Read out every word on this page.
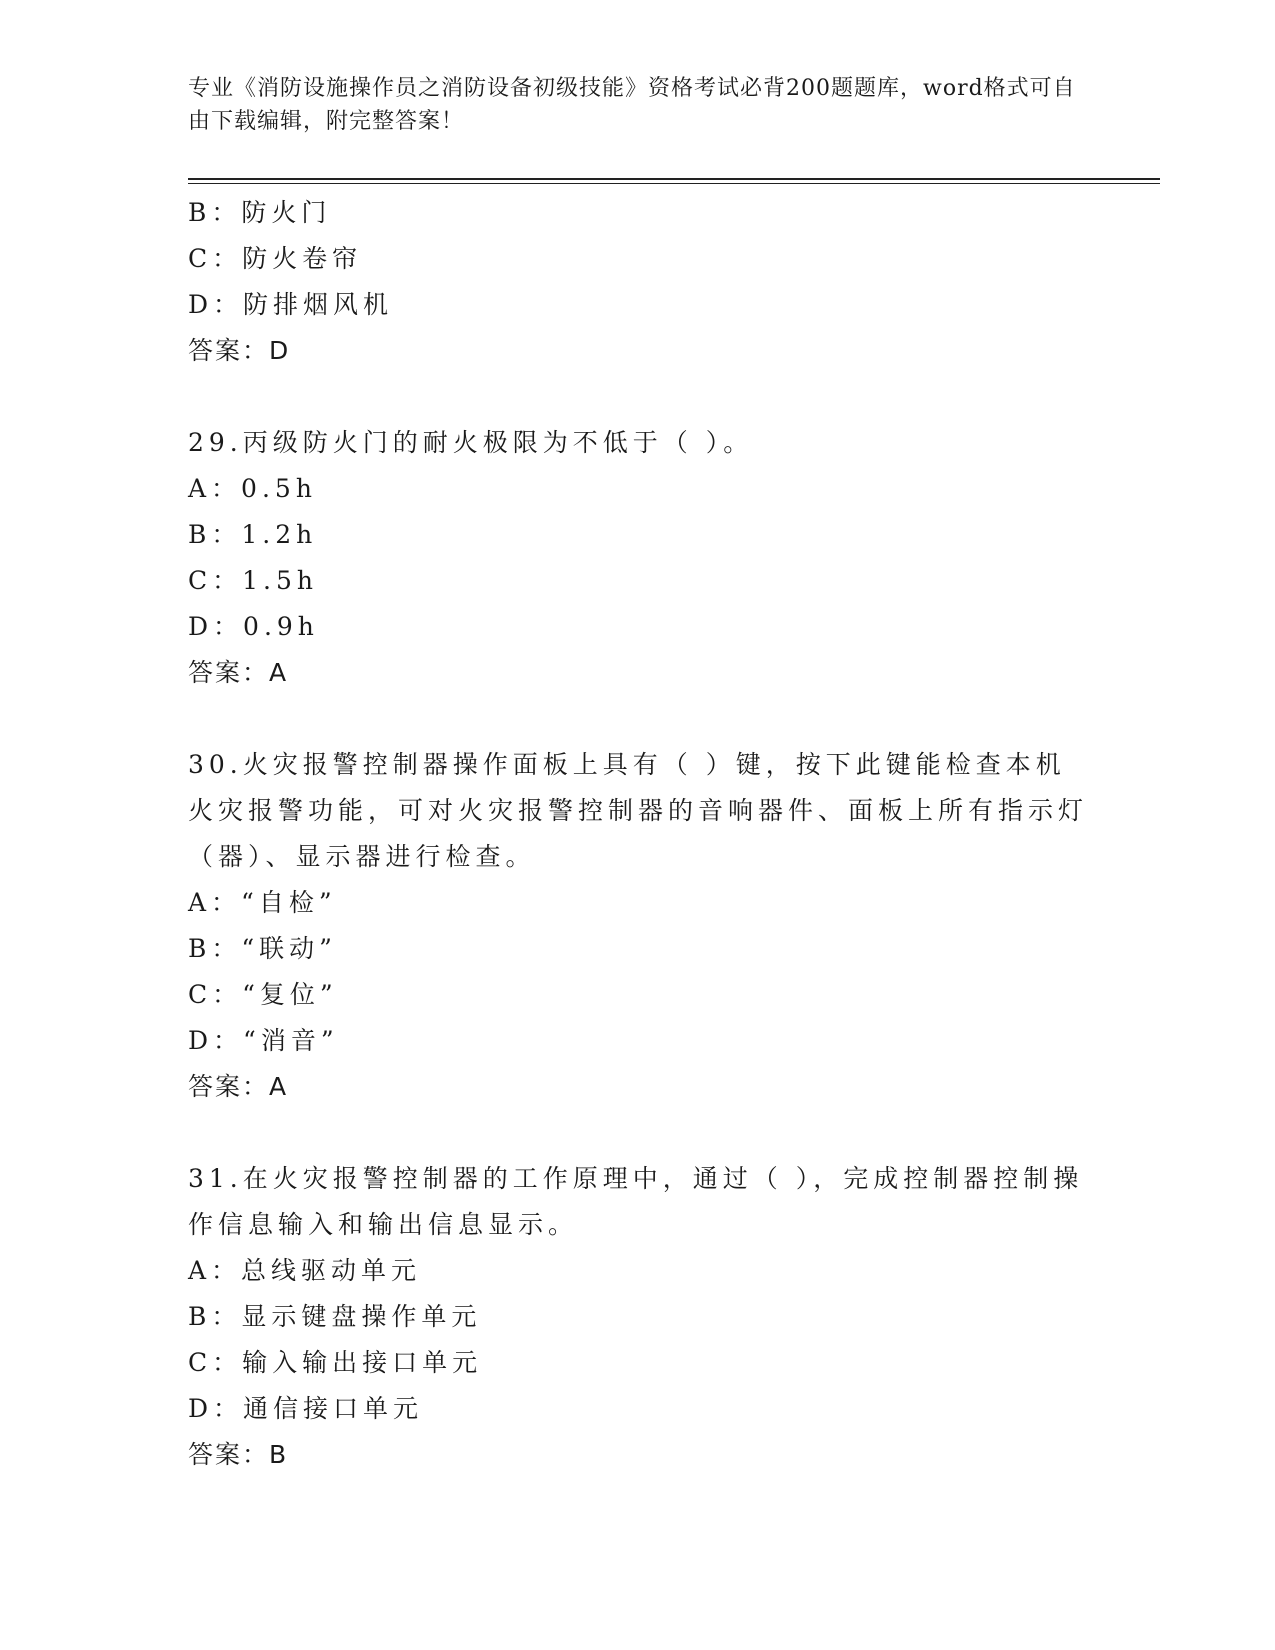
专业《消防设施操作员之消防设备初级技能》资格考试必背200题题库，word格式可自由下载编辑，附完整答案！
B：防火门
C：防火卷帘
D：防排烟风机
答案：D
29.丙级防火门的耐火极限为不低于（ ）。
A：0.5h
B：1.2h
C：1.5h
D：0.9h
答案：A
30.火灾报警控制器操作面板上具有（ ）键，按下此键能检查本机火灾报警功能，可对火灾报警控制器的音响器件、面板上所有指示灯（器）、显示器进行检查。
A：“自检”
B：“联动”
C：“复位”
D：“消音”
答案：A
31.在火灾报警控制器的工作原理中，通过（ ），完成控制器控制操作信息输入和输出信息显示。
A：总线驱动单元
B：显示键盘操作单元
C：输入输出接口单元
D：通信接口单元
答案：B
